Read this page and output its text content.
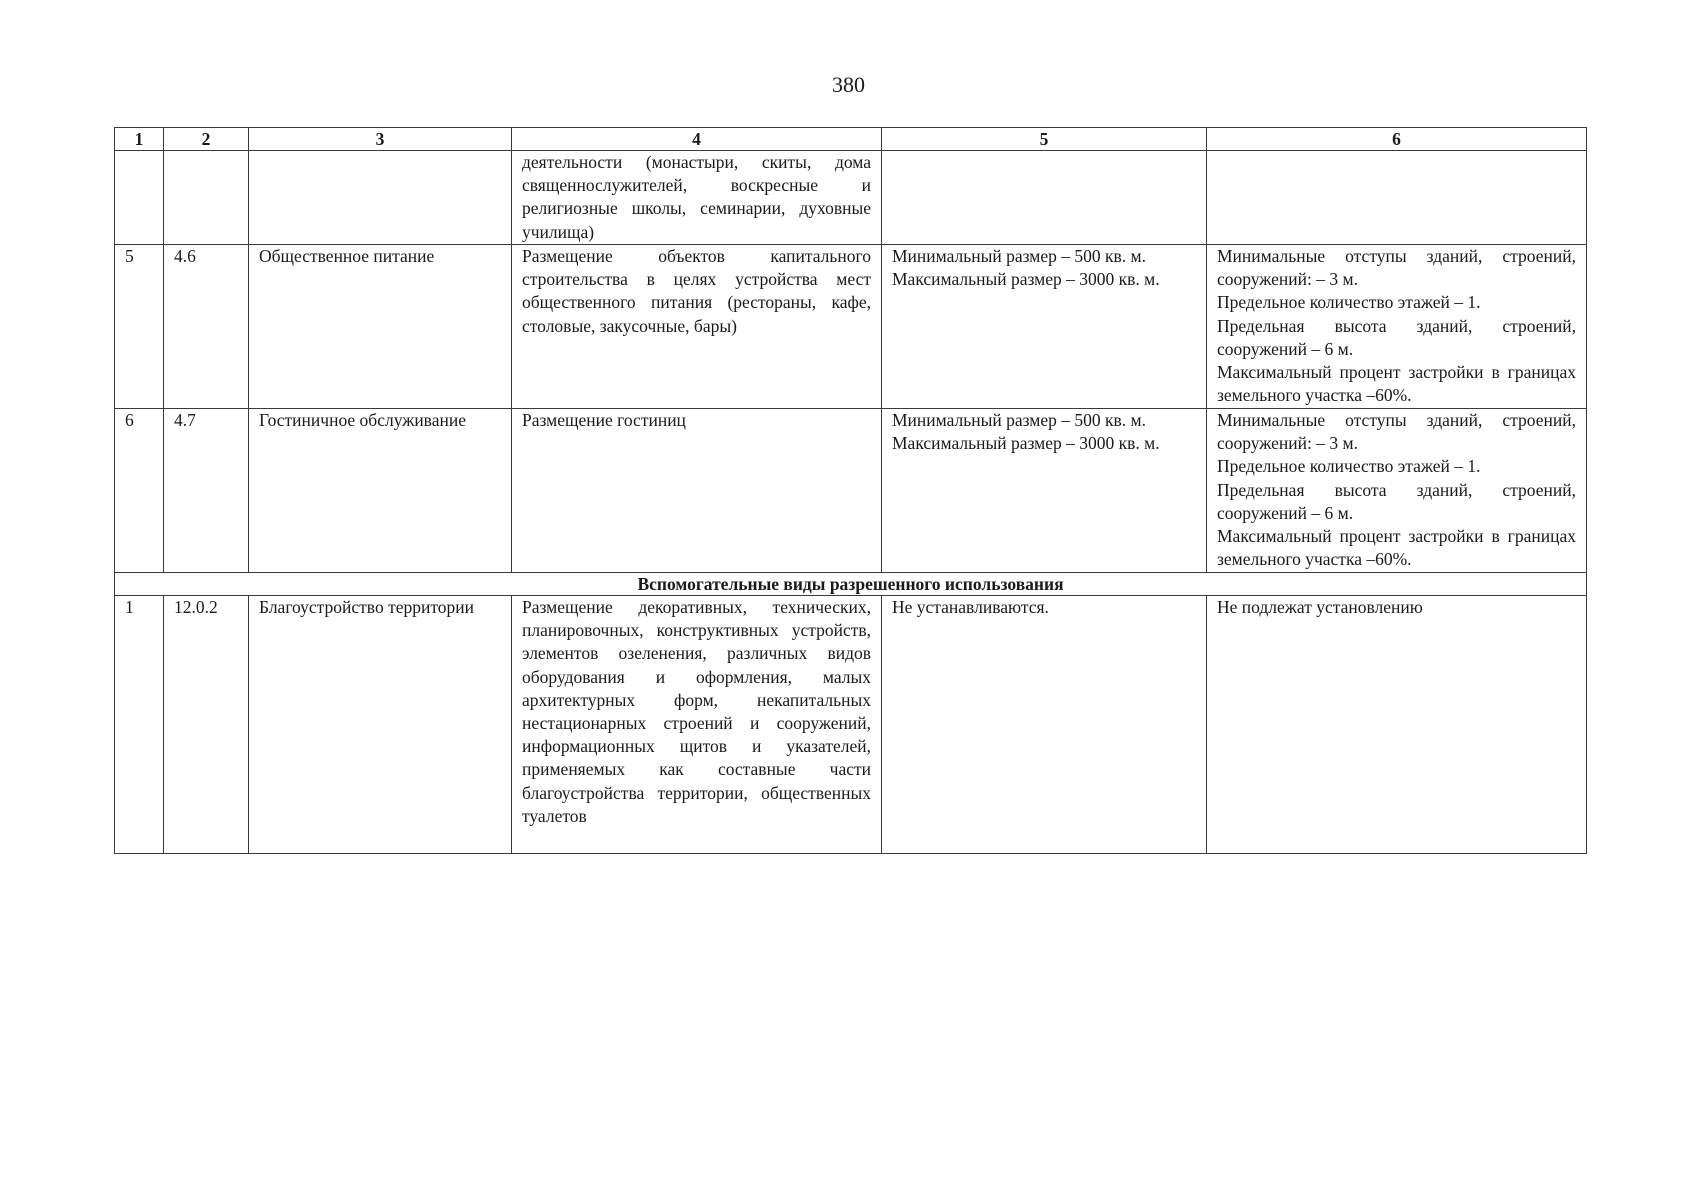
380
1	2	3	4	5	6
			деятельности (монастыри, скиты, дома священнослужителей, воскресные и религиозные школы, семинарии, духовные училища)		
5	4.6	Общественное питание	Размещение объектов капитального строительства в целях устройства мест общественного питания (рестораны, кафе, столовые, закусочные, бары)	Минимальный размер – 500 кв. м.
Максимальный размер – 3000 кв. м.	Минимальные отступы зданий, строений, сооружений: – 3 м.
Предельное количество этажей – 1.
Предельная высота зданий, строений, сооружений – 6 м.
Максимальный процент застройки в границах земельного участка –60%.

6	4.7	Гостиничное обслуживание	Размещение гостиниц	Минимальный размер – 500 кв. м.
Максимальный размер – 3000 кв. м.	Минимальные отступы зданий, строений, сооружений: – 3 м.
Предельное количество этажей – 1.
Предельная высота зданий, строений, сооружений – 6 м.
Максимальный процент застройки в границах земельного участка –60%.

Вспомогательные виды разрешенного использования					
1	12.0.2	Благоустройство территории	Размещение декоративных, технических, планировочных, конструктивных устройств, элементов озеленения, различных видов оборудования и оформления, малых архитектурных форм, некапитальных нестационарных строений и сооружений, информационных щитов и указателей, применяемых как составные части благоустройства территории, общественных туалетов	Не устанавливаются.	Не подлежат установлению
